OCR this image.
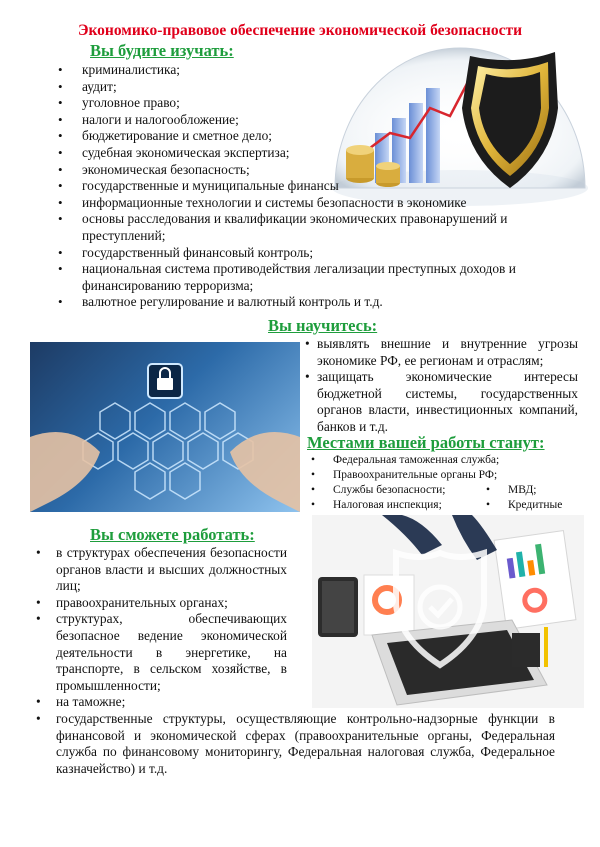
Экономико-правовое обеспечение экономической безопасности
Вы будите изучать:
• криминалистика;
• аудит;
• уголовное право;
• налоги и налогообложение;
• бюджетирование и сметное дело;
• судебная экономическая экспертиза;
• экономическая безопасность;
• государственные и муниципальные финансы
• информационные технологии и системы безопасности в экономике
• основы расследования и квалификации экономических правонарушений и преступлений;
• государственный финансовый контроль;
• национальная система противодействия легализации преступных доходов и финансированию терроризма;
• валютное регулирование и валютный контроль и т.д.
Вы научитесь:
• выявлять внешние и внутренние угрозы экономике РФ, ее регионам и отраслям;
• защищать экономические интересы бюджетной системы, государственных органов власти, инвестиционных компаний, банков и т.д.
Местами вашей работы станут:
• Федеральная таможенная служба;
• Правоохранительные органы РФ;
• Службы безопасности;
• Налоговая инспекция;
• МВД;
• Кредитные
Вы сможете работать:
• в структурах обеспечения безопасности органов власти и высших должностных лиц;
• правоохранительных органах;
• структурах, обеспечивающих безопасное ведение экономической деятельности в энергетике, на транспорте, в сельском хозяйстве, в промышленности;
• на таможне;
• государственные структуры, осуществляющие контрольно-надзорные функции в финансовой и экономической сферах (правоохранительные органы, Федеральная служба по финансовому мониторингу, Федеральная налоговая служба, Федеральное казначейство) и т.д.
